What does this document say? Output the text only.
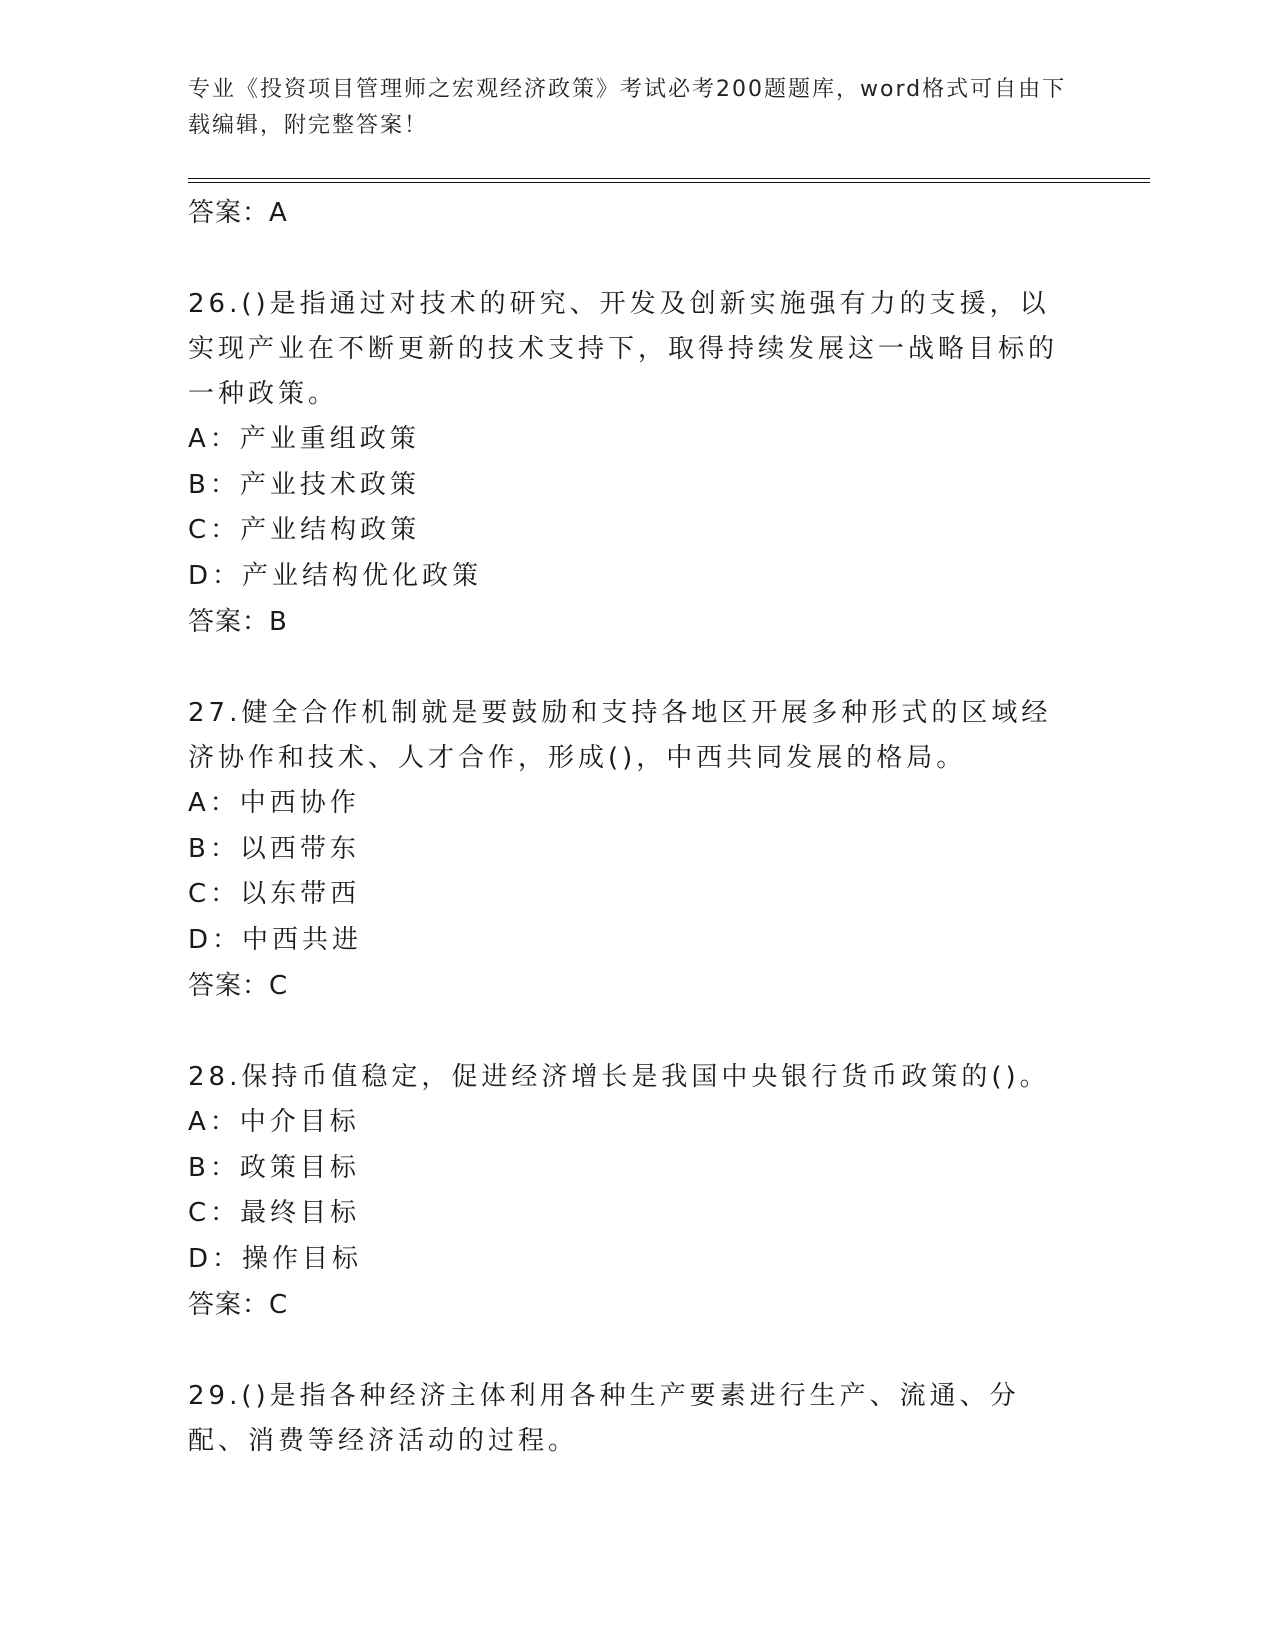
专业《投资项目管理师之宏观经济政策》考试必考200题题库，word格式可自由下载编辑，附完整答案！

答案：A

26.()是指通过对技术的研究、开发及创新实施强有力的支援，以实现产业在不断更新的技术支持下，取得持续发展这一战略目标的一种政策。

A：产业重组政策

B：产业技术政策

C：产业结构政策

D：产业结构优化政策

答案：B

27.健全合作机制就是要鼓励和支持各地区开展多种形式的区域经济协作和技术、人才合作，形成()，中西共同发展的格局。

A：中西协作

B：以西带东

C：以东带西

D：中西共进

答案：C

28.保持币值稳定，促进经济增长是我国中央银行货币政策的()。

A：中介目标

B：政策目标

C：最终目标

D：操作目标

答案：C

29.()是指各种经济主体利用各种生产要素进行生产、流通、分配、消费等经济活动的过程。
